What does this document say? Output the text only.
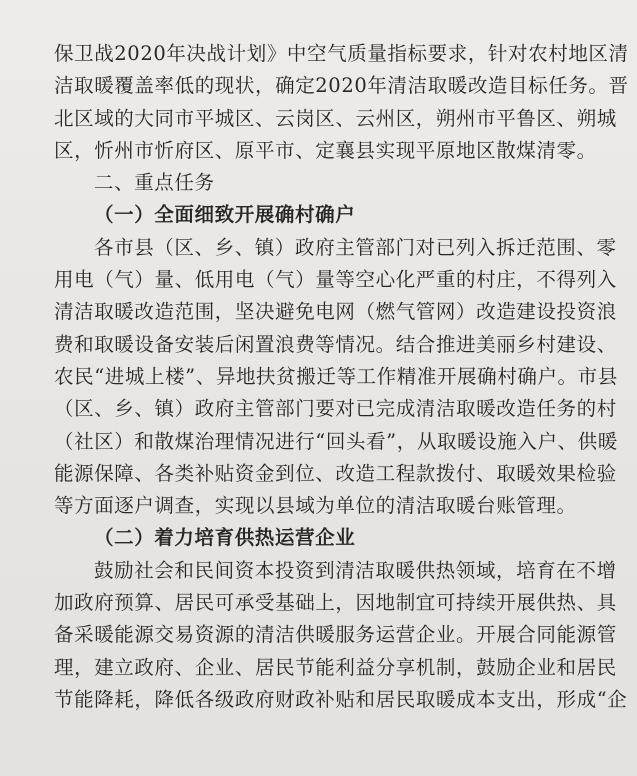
保卫战2020年决战计划》中空气质量指标要求，针对农村地区清
洁取暖覆盖率低的现状，确定2020年清洁取暖改造目标任务。晋
北区域的大同市平城区、云岗区、云州区，朔州市平鲁区、朔城
区，忻州市忻府区、原平市、定襄县实现平原地区散煤清零。
二、重点任务
（一）全面细致开展确村确户
各市县（区、乡、镇）政府主管部门对已列入拆迁范围、零
用电（气）量、低用电（气）量等空心化严重的村庄，不得列入
清洁取暖改造范围，坚决避免电网（燃气管网）改造建设投资浪
费和取暖设备安装后闲置浪费等情况。结合推进美丽乡村建设、
农民“进城上楼”、异地扶贫搬迁等工作精准开展确村确户。市县
（区、乡、镇）政府主管部门要对已完成清洁取暖改造任务的村
（社区）和散煤治理情况进行“回头看”，从取暖设施入户、供暖
能源保障、各类补贴资金到位、改造工程款拨付、取暖效果检验
等方面逐户调查，实现以县域为单位的清洁取暖台账管理。
（二）着力培育供热运营企业
鼓励社会和民间资本投资到清洁取暖供热领域，培育在不增
加政府预算、居民可承受基础上，因地制宜可持续开展供热、具
备采暖能源交易资源的清洁供暖服务运营企业。开展合同能源管
理，建立政府、企业、居民节能利益分享机制，鼓励企业和居民
节能降耗，降低各级政府财政补贴和居民取暖成本支出，形成“企
